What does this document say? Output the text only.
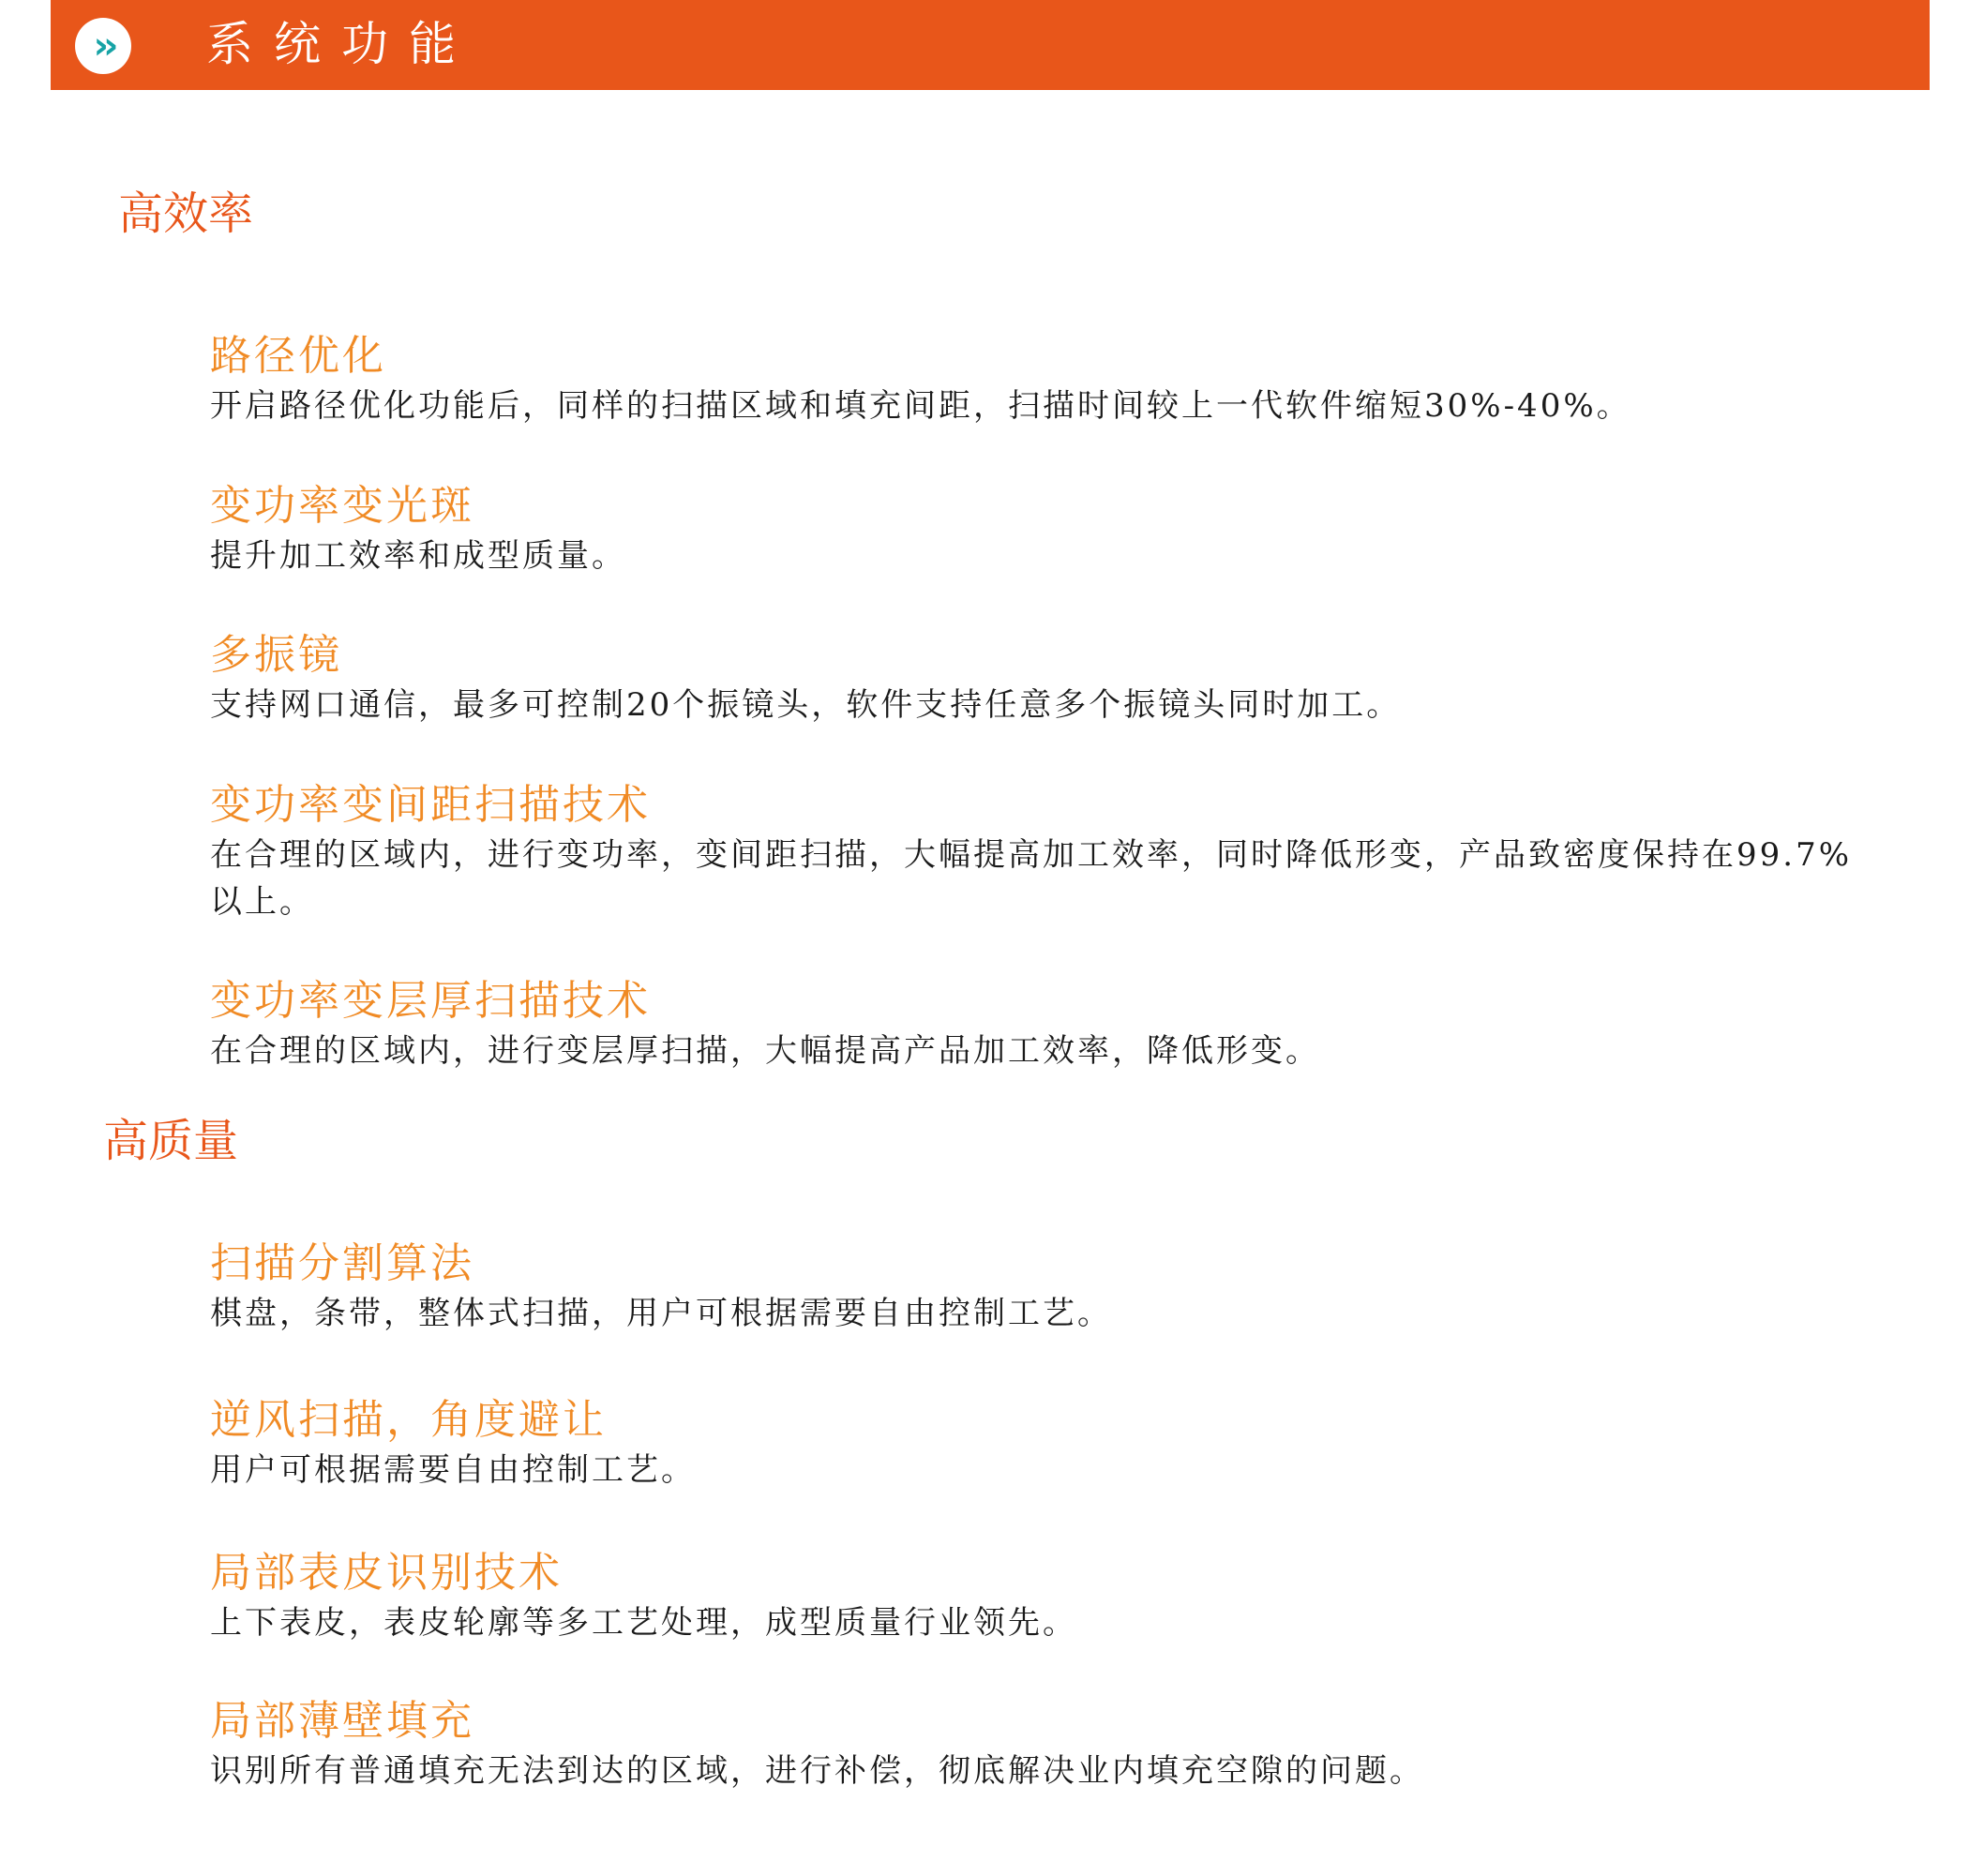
››	系统功能
高效率
路径优化
开启路径优化功能后，同样的扫描区域和填充间距，扫描时间较上一代软件缩短30%-40%。
变功率变光斑
提升加工效率和成型质量。
多振镜
支持网口通信，最多可控制20个振镜头，软件支持任意多个振镜头同时加工。
变功率变间距扫描技术
在合理的区域内，进行变功率，变间距扫描，大幅提高加工效率，同时降低形变，产品致密度保持在99.7%以上。
变功率变层厚扫描技术
在合理的区域内，进行变层厚扫描，大幅提高产品加工效率，降低形变。
高质量
扫描分割算法
棋盘，条带，整体式扫描，用户可根据需要自由控制工艺。
逆风扫描，角度避让
用户可根据需要自由控制工艺。
局部表皮识别技术
上下表皮，表皮轮廓等多工艺处理，成型质量行业领先。
局部薄壁填充
识别所有普通填充无法到达的区域，进行补偿，彻底解决业内填充空隙的问题。
